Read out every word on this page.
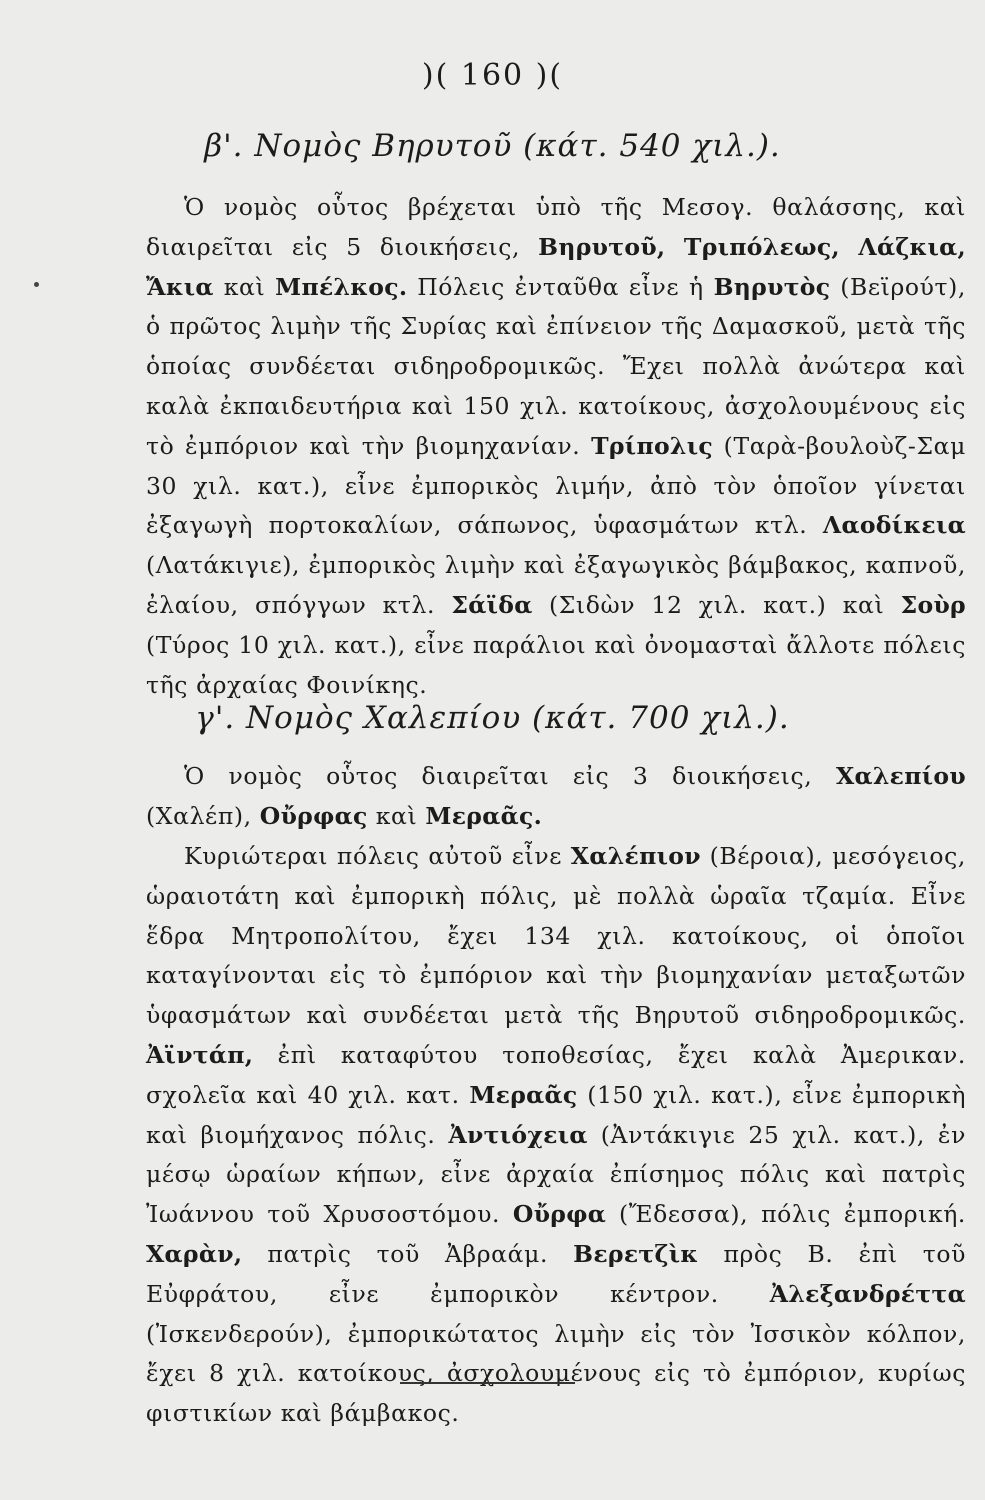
)( 160 )(
β'. Νομὸς Βηρυτοῦ (κάτ. 540 χιλ.).
Ὁ νομὸς οὗτος βρέχεται ὑπὸ τῆς Μεσογ. θαλάσσης, καὶ διαιρεῖται εἰς 5 διοικήσεις, Βηρυτοῦ, Τριπόλεως, Λάζκια, Ἄκια καὶ Μπέλκος. Πόλεις ἐνταῦθα εἶνε ἡ Βηρυτὸς (Βεϊρούτ), ὁ πρῶτος λιμὴν τῆς Συρίας καὶ ἐπίνειον τῆς Δαμασκοῦ, μετὰ τῆς ὁποίας συνδέεται σιδηροδρομικῶς. Ἔχει πολλὰ ἀνώτερα καὶ καλὰ ἐκπαιδευτήρια καὶ 150 χιλ. κατοίκους, ἀσχολουμένους εἰς τὸ ἐμπόριον καὶ τὴν βιομηχανίαν. Τρίπολις (Ταρὰ-βουλοὺζ-Σαμ 30 χιλ. κατ.), εἶνε ἐμπορικὸς λιμήν, ἀπὸ τὸν ὁποῖον γίνεται ἐξαγωγὴ πορτοκαλίων, σάπωνος, ὑφασμάτων κτλ. Λαοδίκεια (Λατάκιγιε), ἐμπορικὸς λιμὴν καὶ ἐξαγωγικὸς βάμβακος, καπνοῦ, ἐλαίου, σπόγγων κτλ. Σάϊδα (Σιδὼν 12 χιλ. κατ.) καὶ Σοὺρ (Τύρος 10 χιλ. κατ.), εἶνε παράλιοι καὶ ὀνομασταὶ ἄλλοτε πόλεις τῆς ἀρχαίας Φοινίκης.
γ'. Νομὸς Χαλεπίου (κάτ. 700 χιλ.).
Ὁ νομὸς οὗτος διαιρεῖται εἰς 3 διοικήσεις, Χαλεπίου (Χαλέπ), Οὔρφας καὶ Μεραᾶς.
Κυριώτεραι πόλεις αὐτοῦ εἶνε Χαλέπιον (Βέροια), μεσόγειος, ὡραιοτάτη καὶ ἐμπορικὴ πόλις, μὲ πολλὰ ὡραῖα τζαμία. Εἶνε ἕδρα Μητροπολίτου, ἔχει 134 χιλ. κατοίκους, οἱ ὁποῖοι καταγίνονται εἰς τὸ ἐμπόριον καὶ τὴν βιομηχανίαν μεταξωτῶν ὑφασμάτων καὶ συνδέεται μετὰ τῆς Βηρυτοῦ σιδηροδρομικῶς. Ἀϊντάπ, ἐπὶ καταφύτου τοποθεσίας, ἔχει καλὰ Ἀμερικαν. σχολεῖα καὶ 40 χιλ. κατ. Μεραᾶς (150 χιλ. κατ.), εἶνε ἐμπορικὴ καὶ βιομήχανος πόλις. Ἀντιόχεια (Ἀντάκιγιε 25 χιλ. κατ.), ἐν μέσῳ ὡραίων κήπων, εἶνε ἀρχαία ἐπίσημος πόλις καὶ πατρὶς Ἰωάννου τοῦ Χρυσοστόμου. Οὔρφα (Ἔδεσσα), πόλις ἐμπορική. Χαρὰν, πατρὶς τοῦ Ἀβραάμ. Βερετζὶκ πρὸς Β. ἐπὶ τοῦ Εὐφράτου, εἶνε ἐμπορικὸν κέντρον. Ἀλεξανδρέττα (Ἰσκενδερούν), ἐμπορικώτατος λιμὴν εἰς τὸν Ἰσσικὸν κόλπον, ἔχει 8 χιλ. κατοίκους, ἀσχολουμένους εἰς τὸ ἐμπόριον, κυρίως φιστικίων καὶ βάμβακος.
